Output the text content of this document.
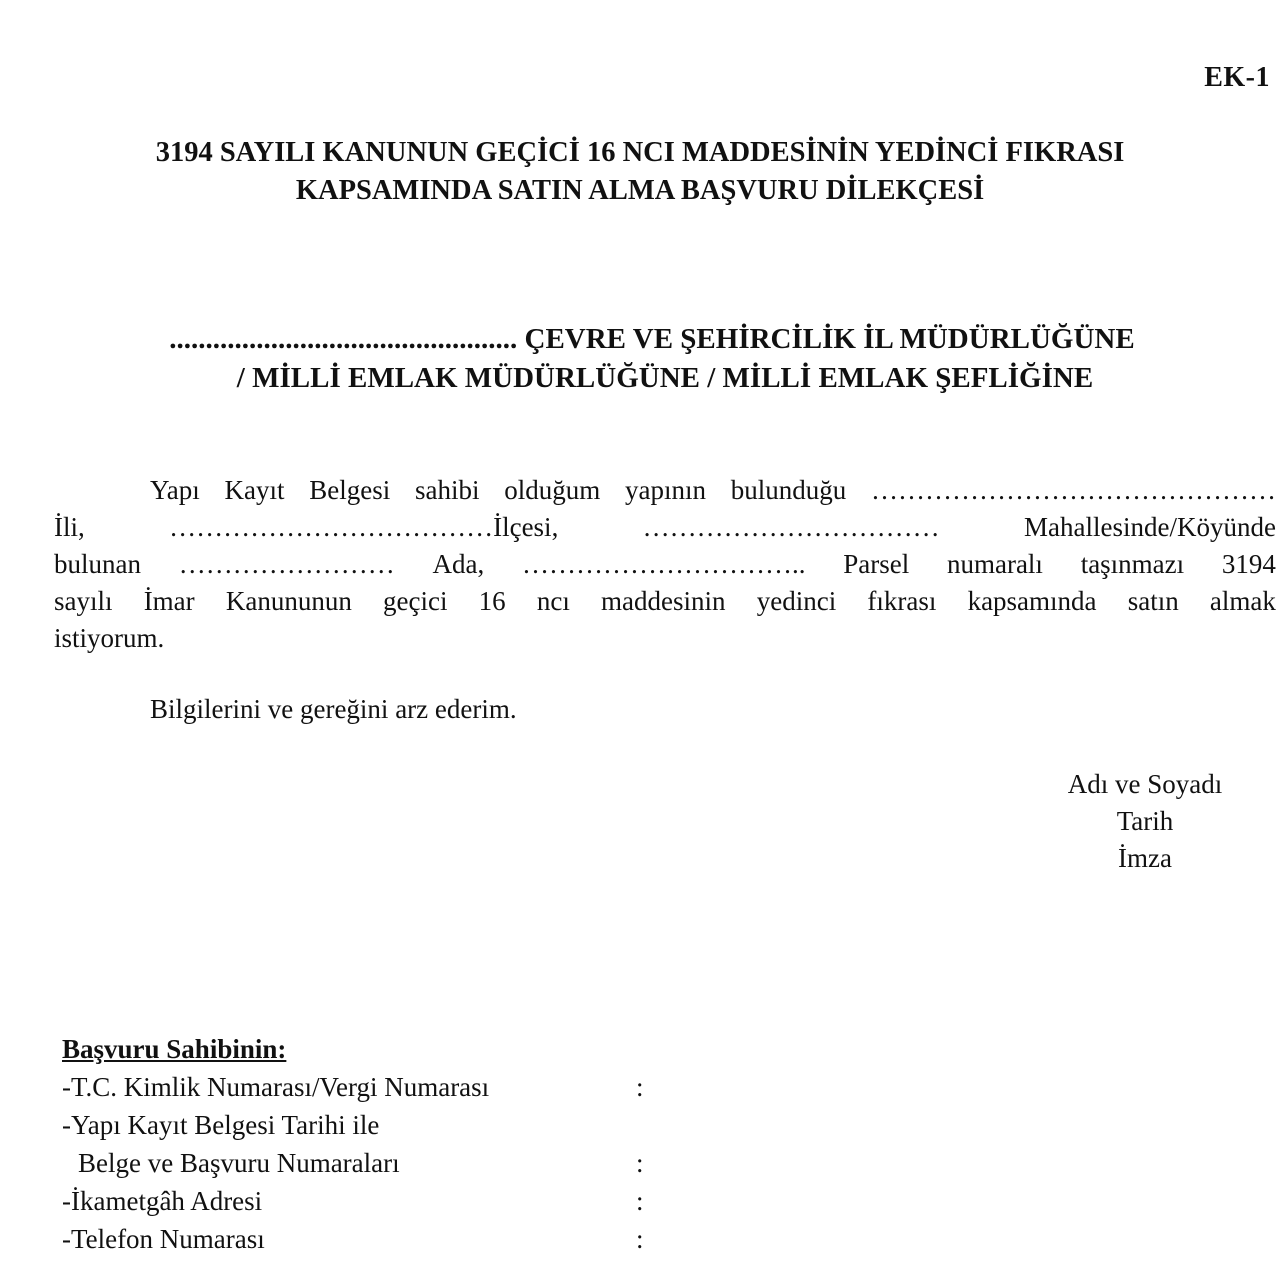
EK-1
3194 SAYILI KANUNUN GEÇİCİ 16 NCI MADDESİNİN YEDİNCİ FIKRASI
KAPSAMINDA SATIN ALMA BAŞVURU DİLEKÇESİ
................................................ ÇEVRE VE ŞEHİRCİLİK İL MÜDÜRLÜĞÜNE
/ MİLLİ EMLAK MÜDÜRLÜĞÜNE / MİLLİ EMLAK ŞEFLİĞİNE
Yapı Kayıt Belgesi sahibi olduğum yapının bulunduğu ………………………………………
İli,	………………………………İlçesi,	……………………………	Mahallesinde/Köyünde
bulunan …………………… Ada, ………………………….. Parsel numaralı taşınmazı 3194
sayılı İmar Kanununun geçici 16 ncı maddesinin yedinci fıkrası kapsamında satın almak
istiyorum.
Bilgilerini ve gereğini arz ederim.
Adı ve Soyadı
Tarih
İmza
Başvuru Sahibinin:
-T.C. Kimlik Numarası/Vergi Numarası	:
-Yapı Kayıt Belgesi Tarihi ile
Belge ve Başvuru Numaraları	:
-İkametgâh Adresi	:
-Telefon Numarası	:
